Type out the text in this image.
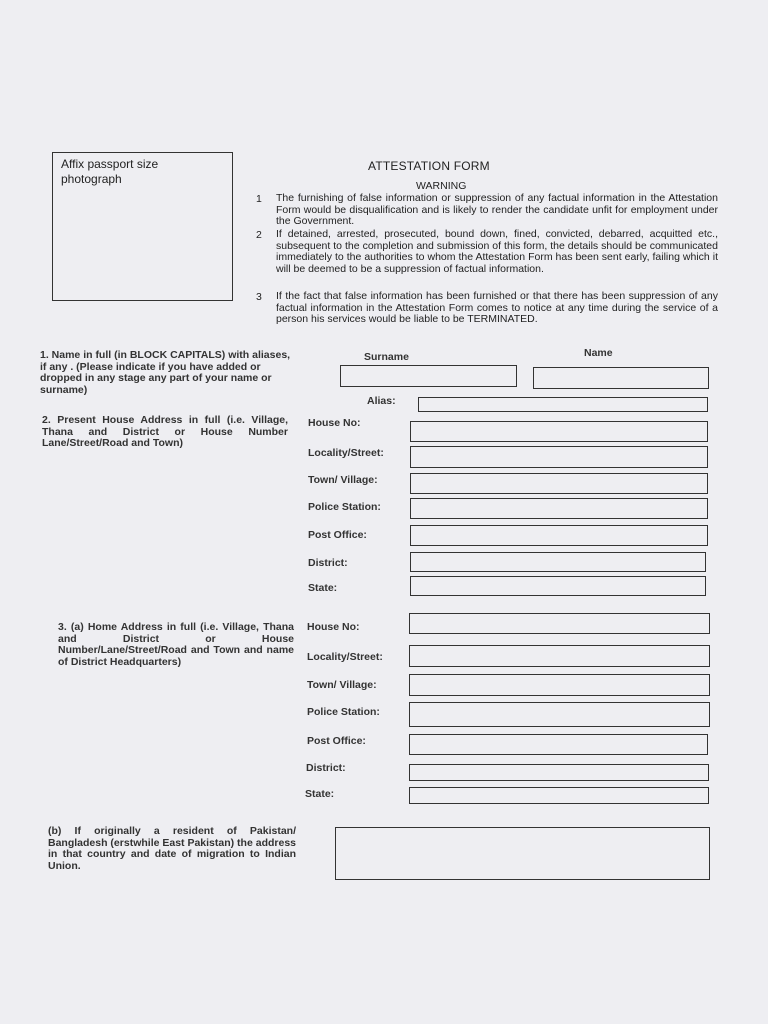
Affix passport size photograph
ATTESTATION FORM
WARNING
1 The furnishing of false information or suppression of any factual information in the Attestation Form would be disqualification and is likely to render the candidate unfit for employment under the Government.
2 If detained, arrested, prosecuted, bound down, fined, convicted, debarred, acquitted etc., subsequent to the completion and submission of this form, the details should be communicated immediately to the authorities to whom the Attestation Form has been sent early, failing which it will be deemed to be a suppression of factual information.
3 If the fact that false information has been furnished or that there has been suppression of any factual information in the Attestation Form comes to notice at any time during the service of a person his services would be liable to be TERMINATED.
1. Name in full (in BLOCK CAPITALS) with aliases, if any . (Please indicate if you have added or dropped in any stage any part of your name or surname)
Surname	Name
Alias:
2. Present House Address in full (i.e. Village, Thana and District or House Number Lane/Street/Road and Town)
House No:
Locality/Street:
Town/ Village:
Police Station:
Post Office:
District:
State:
3. (a) Home Address in full (i.e. Village, Thana and District or House Number/Lane/Street/Road and Town and name of District Headquarters)
House No:
Locality/Street:
Town/ Village:
Police Station:
Post Office:
District:
State:
(b) If originally a resident of Pakistan/ Bangladesh (erstwhile East Pakistan) the address in that country and date of migration to Indian Union.
